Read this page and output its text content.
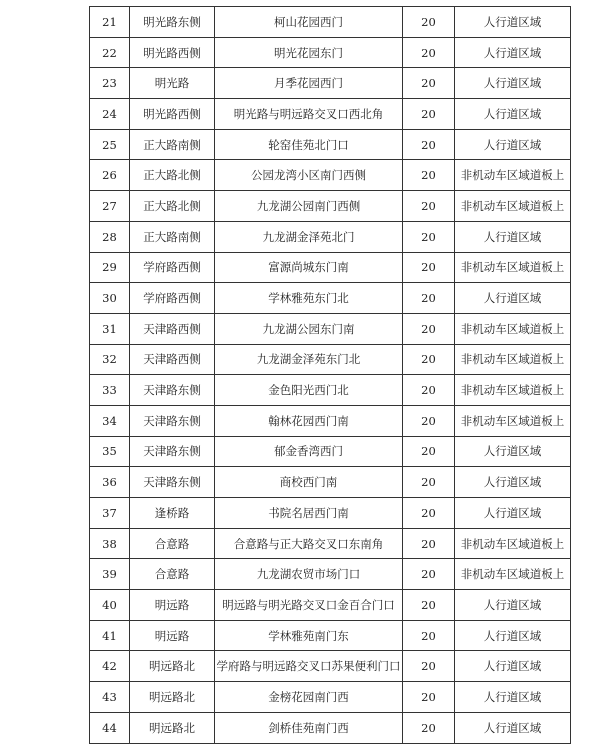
21	明光路东侧	柯山花园西门	20	人行道区域
22	明光路西侧	明光花园东门	20	人行道区域
23	明光路	月季花园西门	20	人行道区域
24	明光路西侧	明光路与明远路交叉口西北角	20	人行道区域
25	正大路南侧	轮窑佳苑北门口	20	人行道区域
26	正大路北侧	公园龙湾小区南门西侧	20	非机动车区域道板上
27	正大路北侧	九龙湖公园南门西侧	20	非机动车区域道板上
28	正大路南侧	九龙湖金泽苑北门	20	人行道区域
29	学府路西侧	富源尚城东门南	20	非机动车区域道板上
30	学府路西侧	学林雅苑东门北	20	人行道区域
31	天津路西侧	九龙湖公园东门南	20	非机动车区域道板上
32	天津路西侧	九龙湖金泽苑东门北	20	非机动车区域道板上
33	天津路东侧	金色阳光西门北	20	非机动车区域道板上
34	天津路东侧	翰林花园西门南	20	非机动车区域道板上
35	天津路东侧	郁金香湾西门	20	人行道区域
36	天津路东侧	商校西门南	20	人行道区域
37	逢桥路	书院名居西门南	20	人行道区域
38	合意路	合意路与正大路交叉口东南角	20	非机动车区域道板上
39	合意路	九龙湖农贸市场门口	20	非机动车区域道板上
40	明远路	明远路与明光路交叉口金百合门口	20	人行道区域
41	明远路	学林雅苑南门东	20	人行道区域
42	明远路北	学府路与明远路交叉口苏果便利门口	20	人行道区域
43	明远路北	金榜花园南门西	20	人行道区域
44	明远路北	剑桥佳苑南门西	20	人行道区域
